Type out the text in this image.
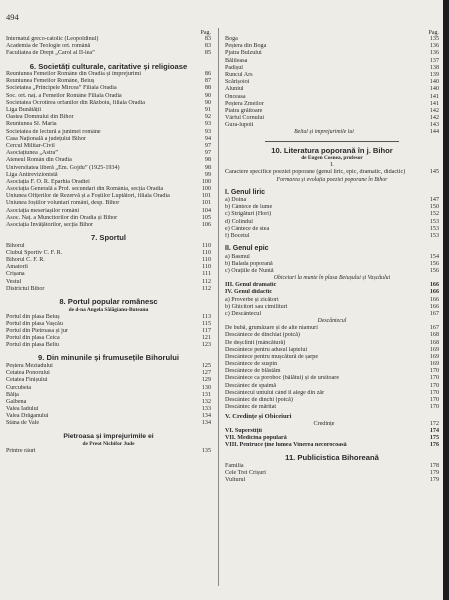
494
Pag.
Internatul greco-catolic (Leopoldinul)	83
Academia de Teologie ort. română	83
Facultatea de Drept „Carol al II-lea”	85
6. Societăți culturale, caritative și religioase
Reuniunea Femeilor Române din Oradia și împrejurimi	86
Reuniunea Femeilor Române, Beiuș	87
Societatea „Principele Mircea” Filiala Oradia	88
Soc. ort. naț. a Femeilor Române Filiala Oradia	90
Societatea Ocrotirea orfanilor din Războiu, filiala Oradia	90
Liga Bunătății	91
Oastea Domnului din Bihor	92
Reuniunea Sf. Maria	93
Societatea de lectură a junimei române	93
Casa Națională a județului Bihor	94
Cercul Militar-Civil	97
Asociațiunea „Astra”	97
Ateneul Român din Oradia	98
Universitatea liberă „Em. Gojdu” (1925-1934)	98
Liga Antirevizionistă	99
Asociația F. O. R. Eparhia Oradiei	100
Asociația Generală a Prof. secundari din România, secția Oradia	100
Uniunea Ofițerilor de Rezervă și a Foștilor Luptători, filiala Oradia	101
Uniunea foștilor voluntari români, desp. Bihor	101
Asociația meseriașilor români	104
Asoc. Naț. a Muncitorilor din Oradia și Bihor	105
Asociația Învățătorilor, secția Bihor	106
7. Sportul
Bihorul	110
Clubul Sportiv C. F. R.	110
Bihorul C. F. R.	110
Amatorii	110
Crișana	111
Vestul	112
Districtul Bihor	112
8. Portul popular românesc
de d-na Angela Sălăgianu-Buteanu
Portul din plasa Beiuș	113
Portul din plasa Vașcău	115
Portul din Pietroasa și jur	117
Portul din plasa Ceica	121
Portul din plasa Beliu	123
9. Din minunile și frumusețile Bihorului
Peștera Meziadului	125
Cetatea Ponorului	127
Cetatea Finișului	129
Curcubeta	130
Bălța	131
Galbena	132
Valea Iadului	133
Valea Drăganului	134
Stâna de Vale	134
Pietroasa și împrejurimile ei
de Preot Nichifor Jude
Printre râuri	135
Pag.
Boga	135
Peștera din Boga	136
Pjatra Bulzului	136
Bălileasa	137
Padișul	138
Runcul Ars	139
Scărișoioi	140
Aluniul	140
Onceasa	141
Peștera Zmeilor	141
Piatra grăitoare	142
Vârful Cornului	142
Gura-lupoii	143
Beliul și împrejurimile lui	144
10. Literatura poporană în j. Bihor
de Eugen Cosnea, profesor
I.
Caractere specifice poeziei poporane (genul liric, epic, dramatic, didactic)	145
Formarea și evoluția poeziei poporane în Bihor
I. Genul liric
a) Doina	147
b) Cântece de lume	150
c) Strigături (Hori)	152
d) Colindul	153
e) Cântece de stea	153
f) Bocetul	153
II. Genul epic
a) Basmul	154
b) Balada poporană	156
c) Orațiile de Nuntă	156
Obiceiuri la munte în plasa Beiușului și Vașcăului
III. Genul dramatic	166
IV. Genul didactic	166
a) Proverbe și zicători	166
b) Ghicitori sau cimilituri	166
c) Descântecul	167
Descântecul
De bubă, grumăzare și de alte niamuri	167
Descântece de dinchiat (potcă)	168
De deșclinit (mâncătură)	168
Descântece pentru adusul laptelui	169
Descântece pentru mușcătură de șarpe	169
Descântece de suspin	169
Descântece de blăstăm	170
Descântece ca poroboc (bălătui) și de ursitoare	170
Descântec de spaimă	170
Descântecul untului când îl alege din zăr	170
Descântec de dinchi (potcă)	170
Descântec de măritat	170
V. Credințe și Obiceiuri
Credințe	172
VI. Superstiții	174
VII. Medicina populară	175
VIII. Pentruce ține lumea Vinerea necorocoasă	176
11. Publicistica Bihoreană
Familia	178
Cele Trei Crișuri	179
Vulturul	179
